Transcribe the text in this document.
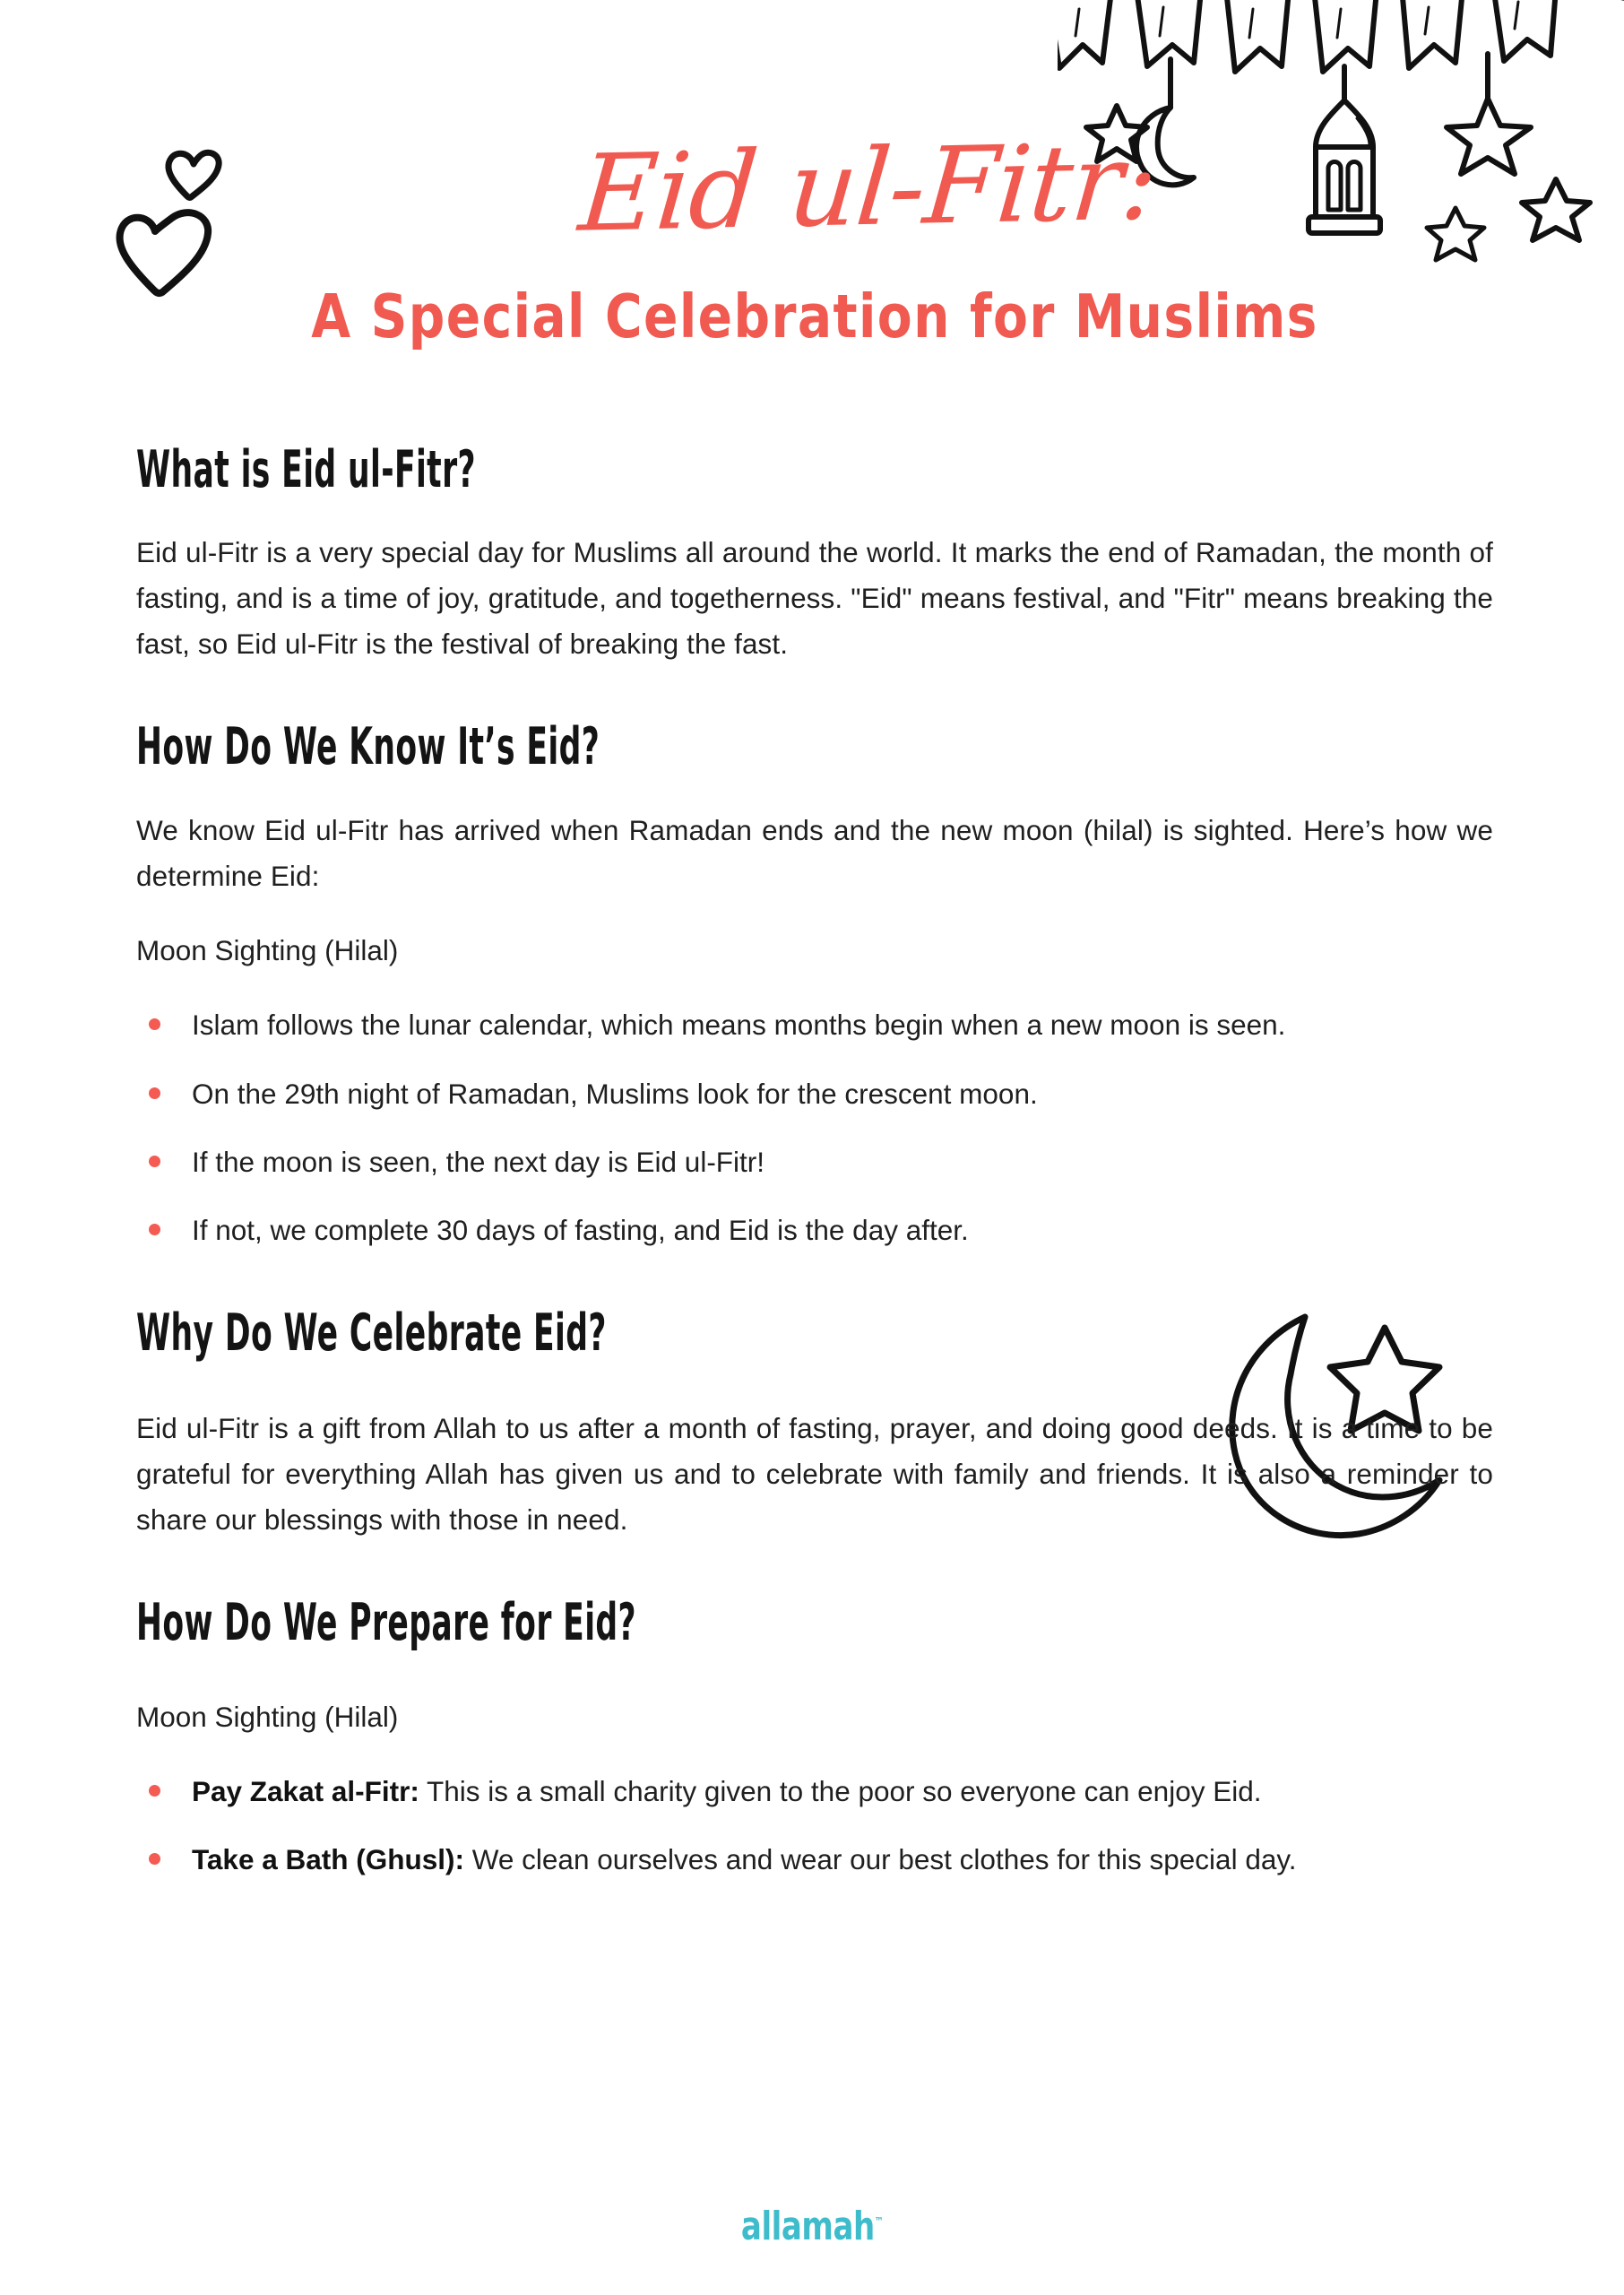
Eid ul-Fitr:
A Special Celebration for Muslims
What is Eid ul-Fitr?

Eid ul-Fitr is a very special day for Muslims all around the world. It marks the end of Ramadan, the month of fasting, and is a time of joy, gratitude, and togetherness. "Eid" means festival, and "Fitr" means breaking the fast, so Eid ul-Fitr is the festival of breaking the fast.

How Do We Know It’s Eid?

We know Eid ul-Fitr has arrived when Ramadan ends and the new moon (hilal) is sighted. Here’s how we determine Eid:

Moon Sighting (Hilal)

Islam follows the lunar calendar, which means months begin when a new moon is seen.
On the 29th night of Ramadan, Muslims look for the crescent moon.
If the moon is seen, the next day is Eid ul-Fitr!
If not, we complete 30 days of fasting, and Eid is the day after.
Why Do We Celebrate Eid?

Eid ul-Fitr is a gift from Allah to us after a month of fasting, prayer, and doing good deeds. It is a time to be grateful for everything Allah has given us and to celebrate with family and friends. It is also a reminder to share our blessings with those in need.

How Do We Prepare for Eid?

Moon Sighting (Hilal)

Pay Zakat al-Fitr: This is a small charity given to the poor so everyone can enjoy Eid.
Take a Bath (Ghusl): We clean ourselves and wear our best clothes for this special day.
allamah™
